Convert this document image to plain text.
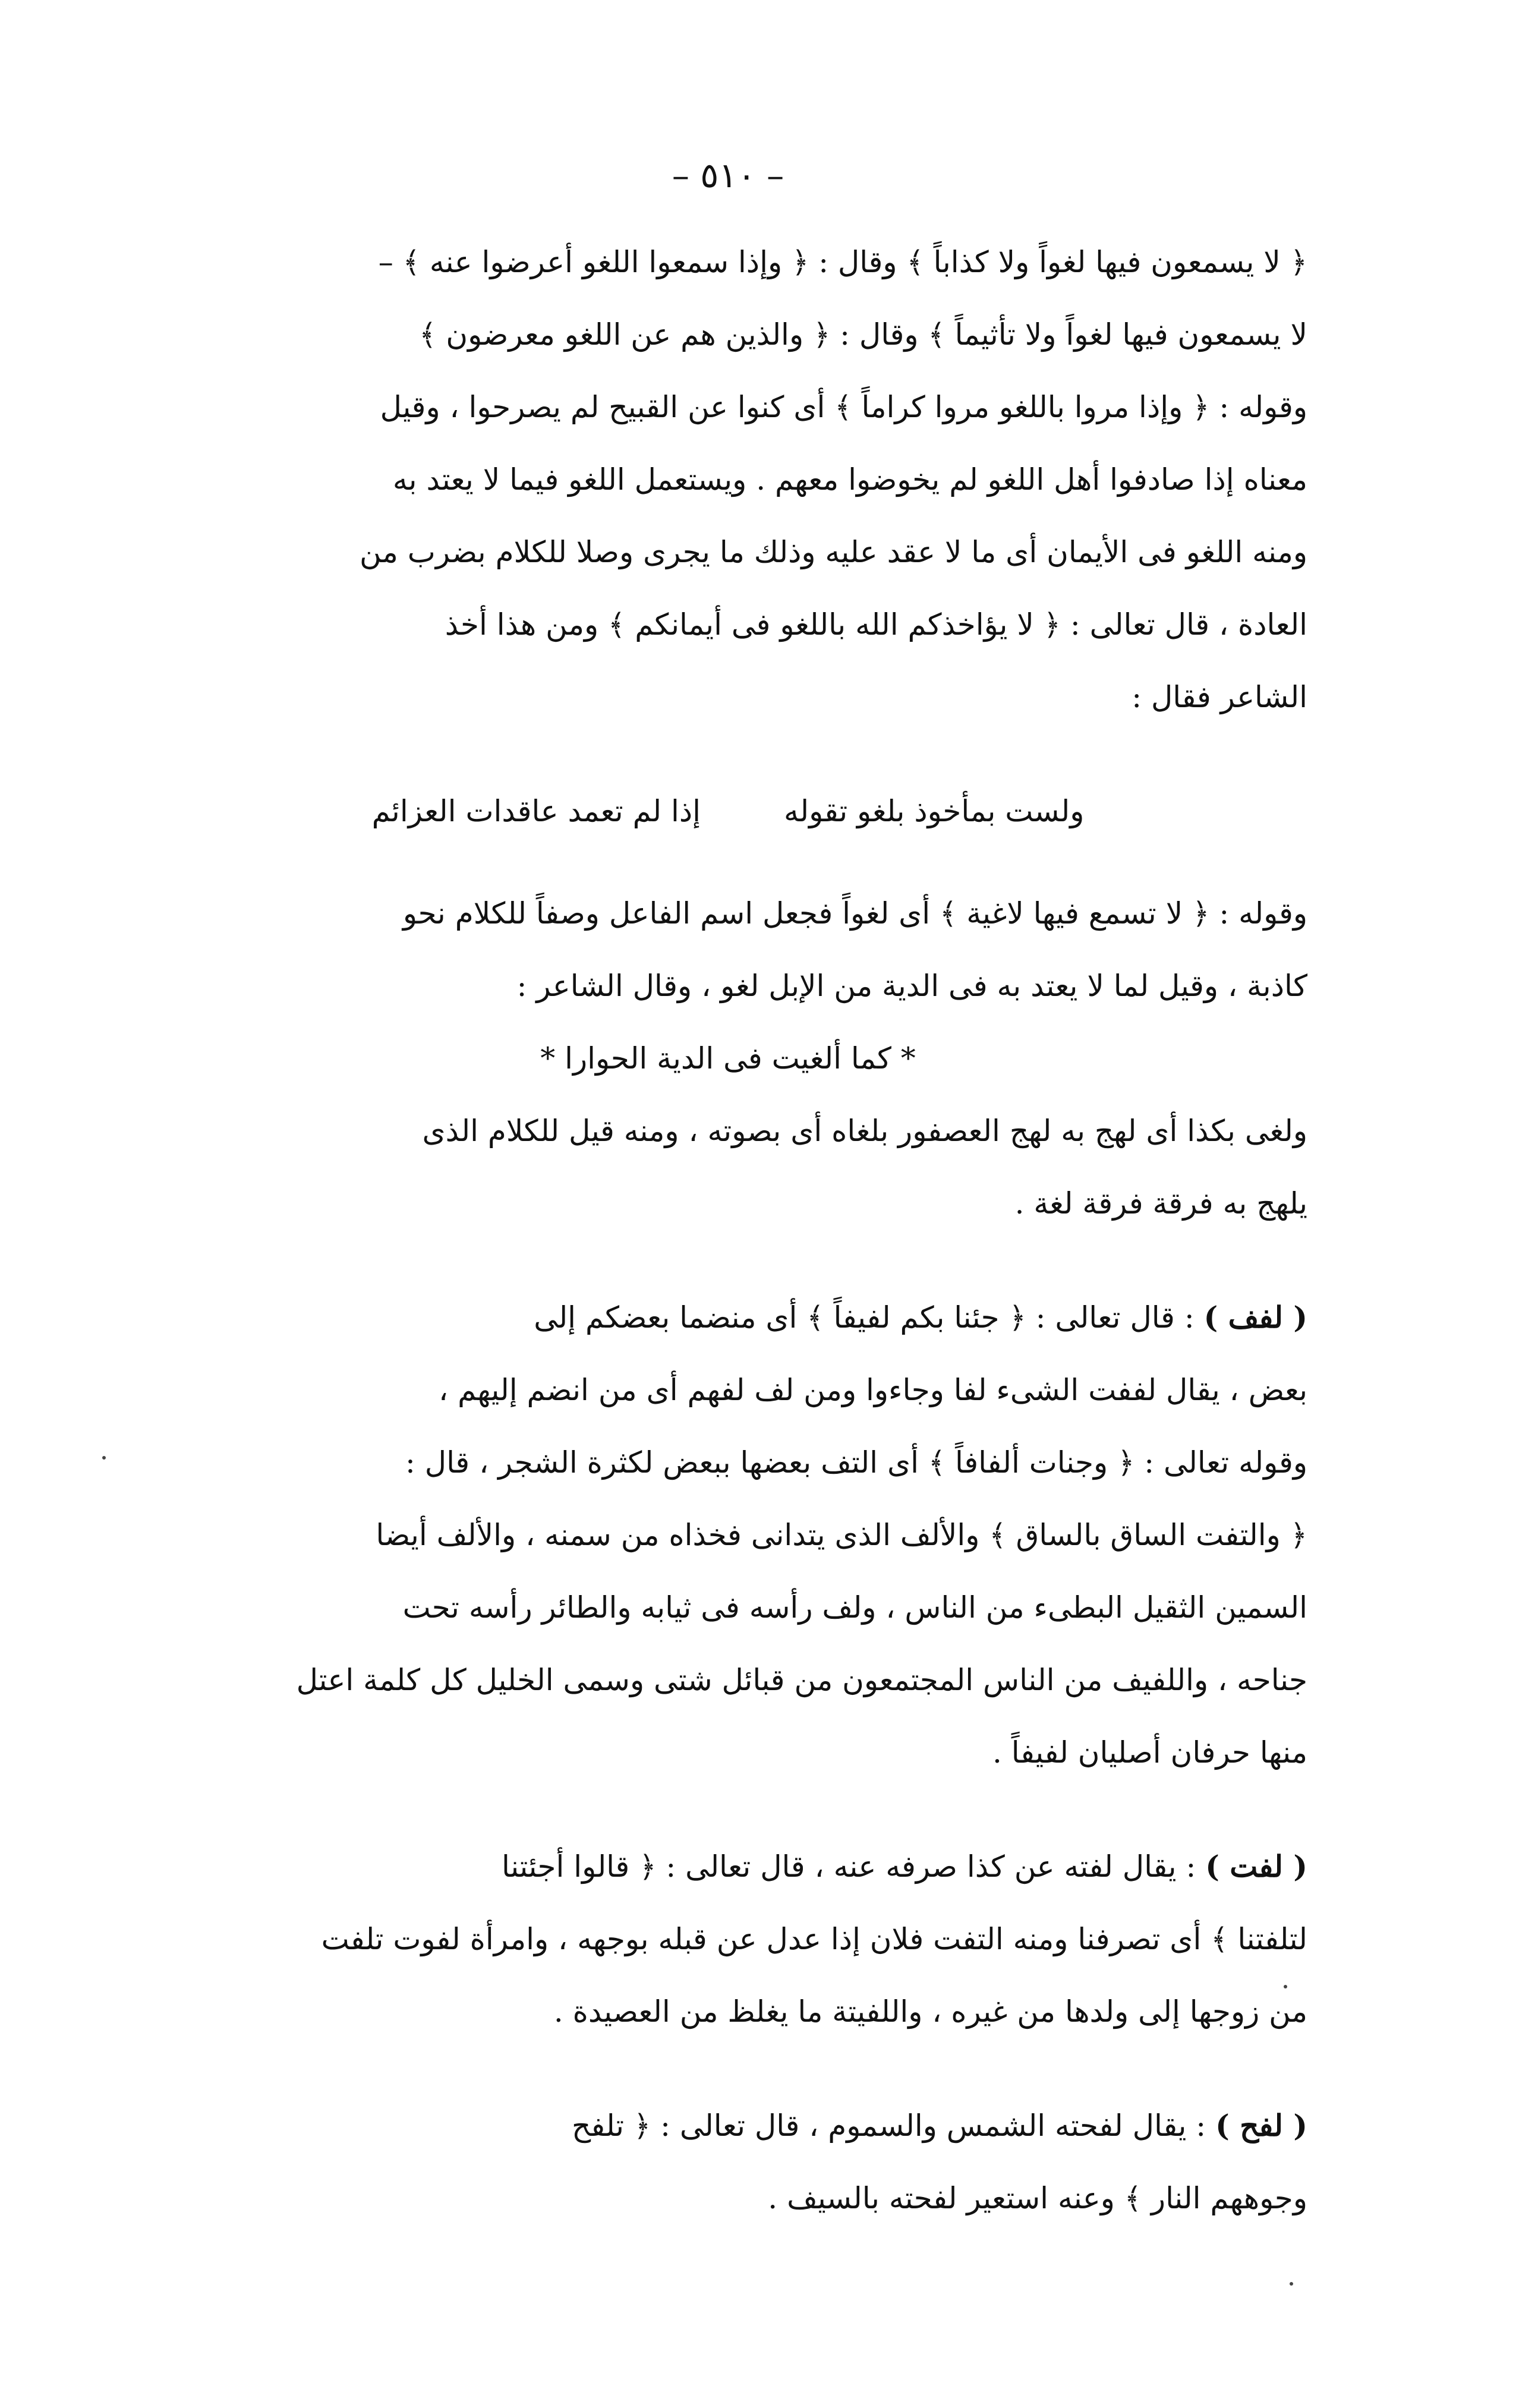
– ٥١٠ –

﴿ لا يسمعون فيها لغواً ولا كذاباً ﴾ وقال : ﴿ وإذا سمعوا اللغو أعرضوا عنه ﴾ –

لا يسمعون فيها لغواً ولا تأثيماً ﴾ وقال : ﴿ والذين هم عن اللغو معرضون ﴾

وقوله : ﴿ وإذا مروا باللغو مروا كراماً ﴾ أى كنوا عن القبيح لم يصرحوا ، وقيل

معناه إذا صادفوا أهل اللغو لم يخوضوا معهم . ويستعمل اللغو فيما لا يعتد به

ومنه اللغو فى الأيمان أى ما لا عقد عليه وذلك ما يجرى وصلا للكلام بضرب من

العادة ، قال تعالى : ﴿ لا يؤاخذكم الله باللغو فى أيمانكم ﴾ ومن هذا أخذ

الشاعر فقال :

ولست بمأخوذ بلغو تقوله
إذا لم تعمد عاقدات العزائم

وقوله : ﴿ لا تسمع فيها لاغية ﴾ أى لغواً فجعل اسم الفاعل وصفاً للكلام نحو

كاذبة ، وقيل لما لا يعتد به فى الدية من الإبل لغو ، وقال الشاعر :

* كما ألغيت فى الدية الحوارا *

ولغى بكذا أى لهج به لهج العصفور بلغاه أى بصوته ، ومنه قيل للكلام الذى

يلهج به فرقة فرقة لغة .

( لفف ) : قال تعالى : ﴿ جئنا بكم لفيفاً ﴾ أى منضما بعضكم إلى

بعض ، يقال لففت الشىء لفا وجاءوا ومن لف لفهم أى من انضم إليهم ،

وقوله تعالى : ﴿ وجنات ألفافاً ﴾ أى التف بعضها ببعض لكثرة الشجر ، قال :

﴿ والتفت الساق بالساق ﴾ والألف الذى يتدانى فخذاه من سمنه ، والألف أيضا

السمين الثقيل البطىء من الناس ، ولف رأسه فى ثيابه والطائر رأسه تحت

جناحه ، واللفيف من الناس المجتمعون من قبائل شتى وسمى الخليل كل كلمة اعتل

منها حرفان أصليان لفيفاً .

( لفت ) : يقال لفته عن كذا صرفه عنه ، قال تعالى : ﴿ قالوا أجئتنا

لتلفتنا ﴾ أى تصرفنا ومنه التفت فلان إذا عدل عن قبله بوجهه ، وامرأة لفوت تلفت

من زوجها إلى ولدها من غيره ، واللفيتة ما يغلظ من العصيدة .

( لفح ) : يقال لفحته الشمس والسموم ، قال تعالى : ﴿ تلفح

وجوههم النار ﴾ وعنه استعير لفحته بالسيف .
